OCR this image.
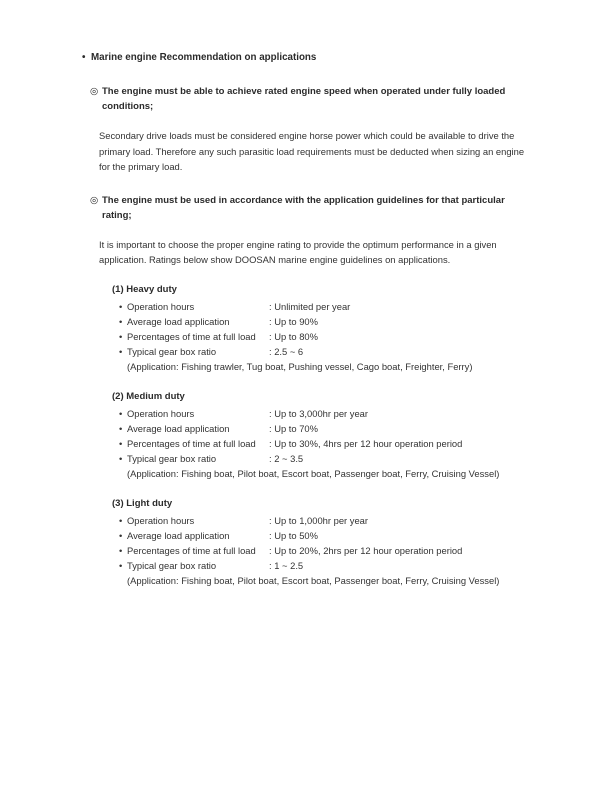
• Marine engine Recommendation on applications
◎ The engine must be able to achieve rated engine speed when operated under fully loaded conditions;

Secondary drive loads must be considered engine horse power which could be available to drive the primary load. Therefore any such parasitic load requirements must be deducted when sizing an engine for the primary load.

◎ The engine must be used in accordance with the application guidelines for that particular rating;

It is important to choose the proper engine rating to provide the optimum performance in a given application. Ratings below show DOOSAN marine engine guidelines on applications.

(1) Heavy duty
• Operation hours	: Unlimited per year
• Average load application	: Up to 90%
• Percentages of time at full load	: Up to 80%
• Typical gear box ratio	: 2.5 ~ 6
(Application: Fishing trawler, Tug boat, Pushing vessel, Cago boat, Freighter, Ferry)
(2) Medium duty
• Operation hours	: Up to 3,000hr per year
• Average load application	: Up to 70%
• Percentages of time at full load	: Up to 30%, 4hrs per 12 hour operation period
• Typical gear box ratio	: 2 ~ 3.5
(Application: Fishing boat, Pilot boat, Escort boat, Passenger boat, Ferry, Cruising Vessel)
(3) Light duty
• Operation hours	: Up to 1,000hr per year
• Average load application	: Up to 50%
• Percentages of time at full load	: Up to 20%, 2hrs per 12 hour operation period
• Typical gear box ratio	: 1 ~ 2.5
(Application: Fishing boat, Pilot boat, Escort boat, Passenger boat, Ferry, Cruising Vessel)
